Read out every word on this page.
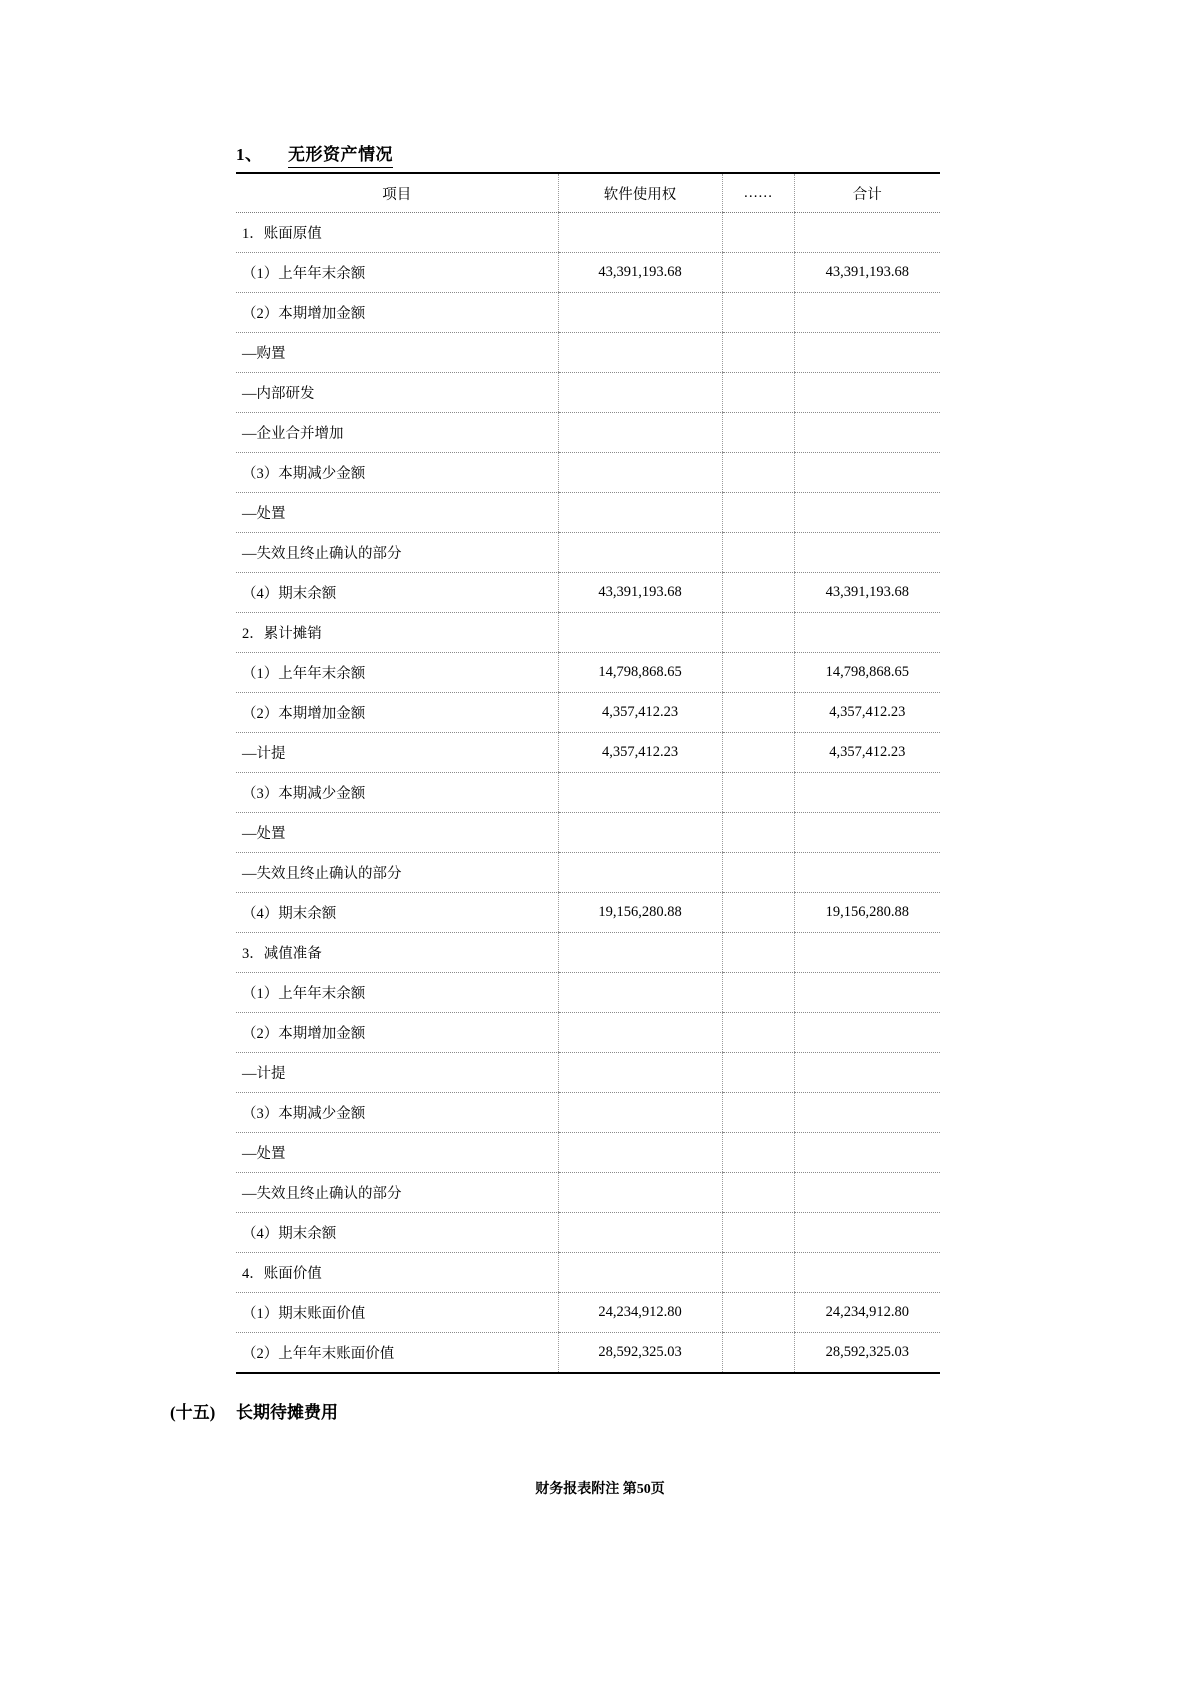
1、 无形资产情况
项目	软件使用权	……	合计
1．账面原值			
（1）上年年末余额	43,391,193.68		43,391,193.68
（2）本期增加金额			
—购置			
—内部研发			
—企业合并增加			
（3）本期减少金额			
—处置			
—失效且终止确认的部分			
（4）期末余额	43,391,193.68		43,391,193.68
2．累计摊销			
（1）上年年末余额	14,798,868.65		14,798,868.65
（2）本期增加金额	4,357,412.23		4,357,412.23
—计提	4,357,412.23		4,357,412.23
（3）本期减少金额			
—处置			
—失效且终止确认的部分			
（4）期末余额	19,156,280.88		19,156,280.88
3．减值准备			
（1）上年年末余额			
（2）本期增加金额			
—计提			
（3）本期减少金额			
—处置			
—失效且终止确认的部分			
（4）期末余额			
4．账面价值			
（1）期末账面价值	24,234,912.80		24,234,912.80
（2）上年年末账面价值	28,592,325.03		28,592,325.03
(十五) 长期待摊费用
财务报表附注 第50页
